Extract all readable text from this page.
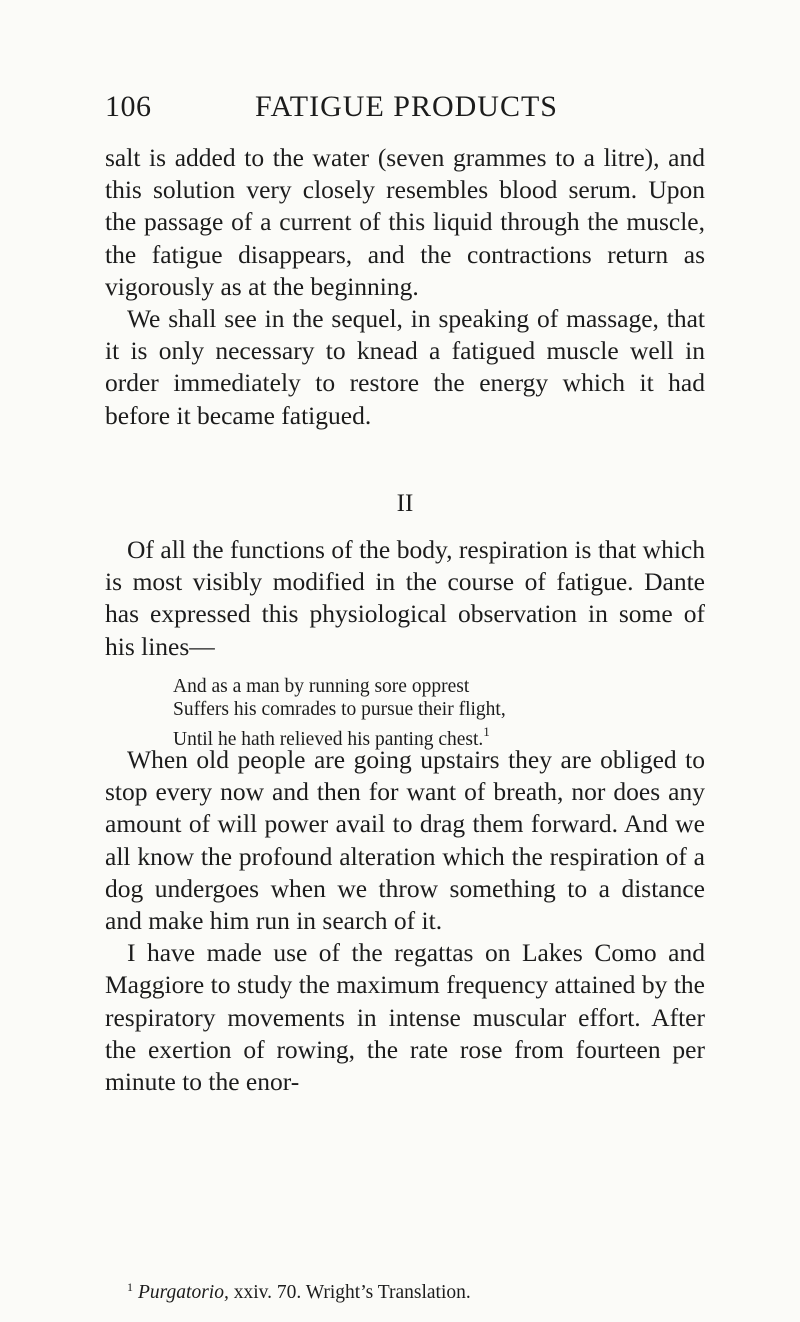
106	FATIGUE PRODUCTS

salt is added to the water (seven grammes to a litre), and this solution very closely resembles blood serum. Upon the passage of a current of this liquid through the muscle, the fatigue disappears, and the contractions return as vigorously as at the beginning.

We shall see in the sequel, in speaking of massage, that it is only necessary to knead a fatigued muscle well in order immediately to restore the energy which it had before it became fatigued.

II

Of all the functions of the body, respiration is that which is most visibly modified in the course of fatigue. Dante has expressed this physiological observation in some of his lines—

And as a man by running sore opprest
Suffers his comrades to pursue their flight,
Until he hath relieved his panting chest.$^1$

When old people are going upstairs they are obliged to stop every now and then for want of breath, nor does any amount of will power avail to drag them forward. And we all know the profound alteration which the respiration of a dog undergoes when we throw something to a distance and make him run in search of it.

I have made use of the regattas on Lakes Como and Maggiore to study the maximum frequency attained by the respiratory movements in intense muscular effort. After the exertion of rowing, the rate rose from fourteen per minute to the enor-

$^1$ Purgatorio, xxiv. 70. Wright’s Translation.
